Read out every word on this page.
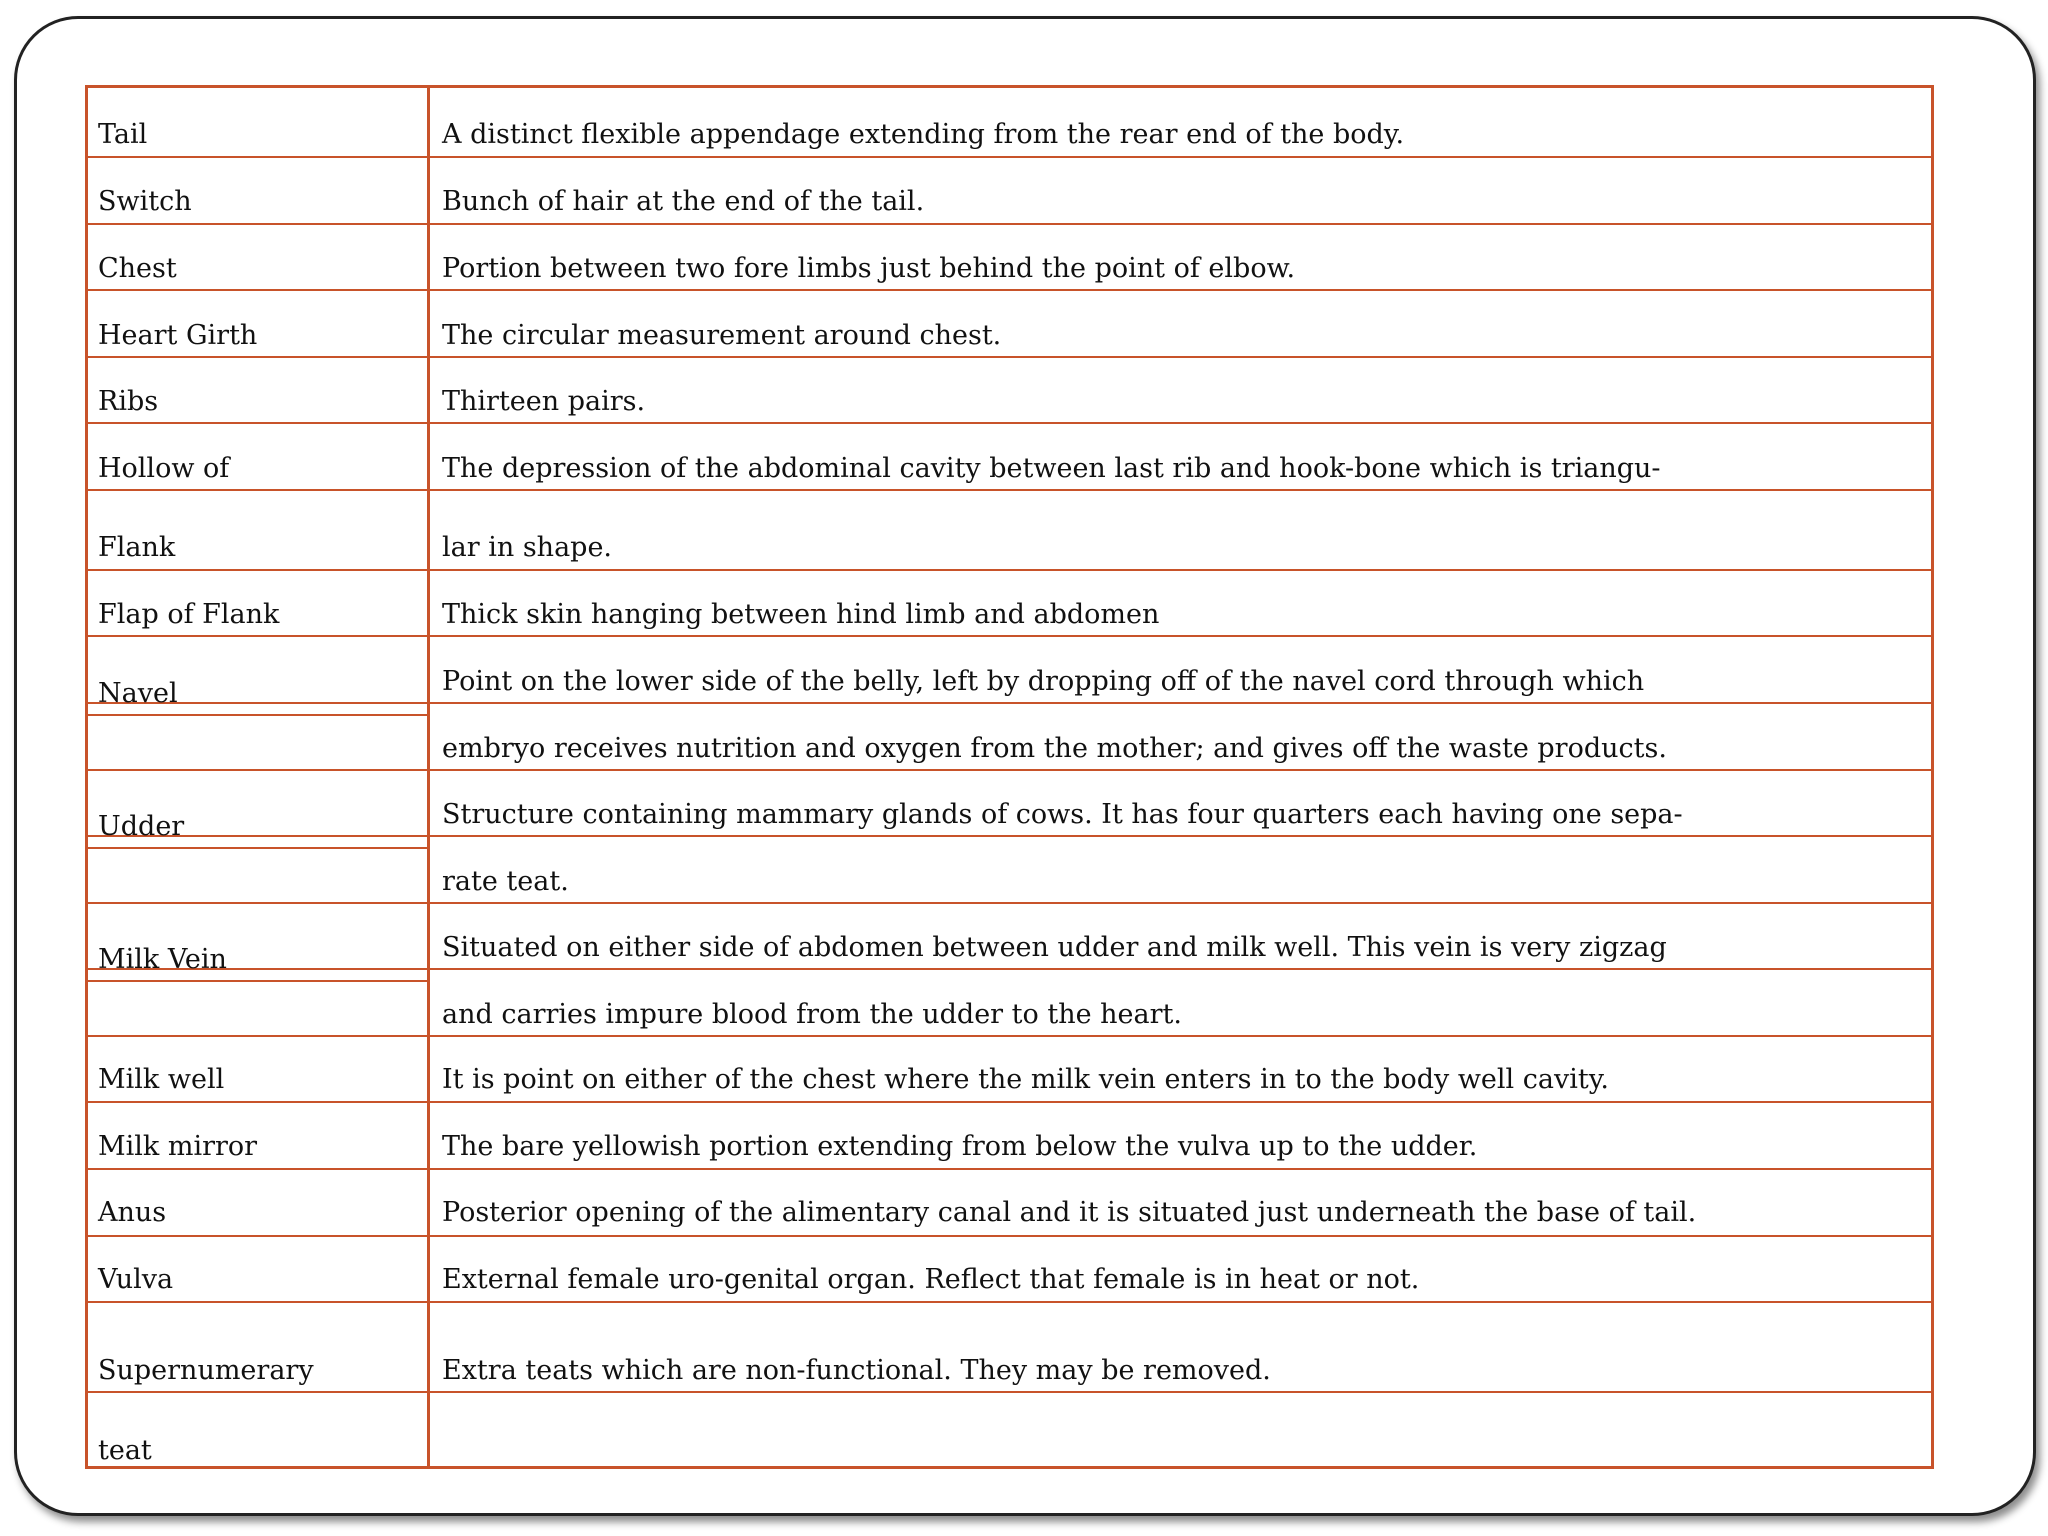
Tail	A distinct flexible appendage extending from the rear end of the body.
Switch	Bunch of hair at the end of the tail.
Chest	Portion between two fore limbs just behind the point of elbow.
Heart Girth	The circular measurement around chest.
Ribs	Thirteen pairs.
Hollow of	The depression of the abdominal cavity between last rib and hook-bone which is triangu-
Flank	lar in shape.
Flap of Flank	Thick skin hanging between hind limb and abdomen
Navel	Point on the lower side of the belly, left by dropping off of the navel cord through which
embryo receives nutrition and oxygen from the mother; and gives off the waste products.
Udder	Structure containing mammary glands of cows. It has four quarters each having one sepa-
rate teat.
Milk Vein	Situated on either side of abdomen between udder and milk well. This vein is very zigzag
and carries impure blood from the udder to the heart.
Milk well	It is point on either of the chest where the milk vein enters in to the body well cavity.
Milk mirror	The bare yellowish portion extending from below the vulva up to the udder.
Anus	Posterior opening of the alimentary canal and it is situated just underneath the base of tail.
Vulva	External female uro-genital organ. Reflect that female is in heat or not.
Supernumerary	Extra teats which are non-functional. They may be removed.
teat
